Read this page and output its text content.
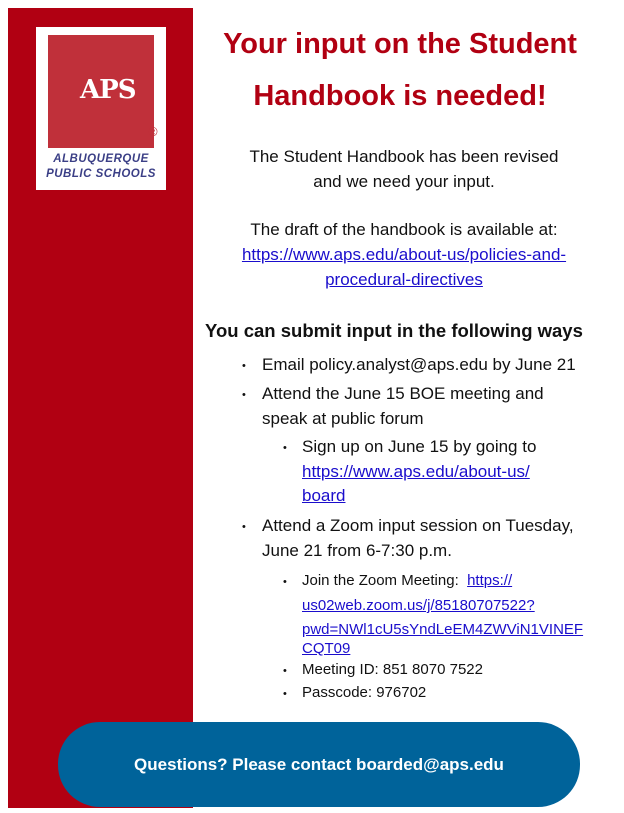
APS
®
ALBUQUERQUE
PUBLIC SCHOOLS
Your input on the Student
Handbook is needed!
The Student Handbook has been revised
and we need your input.
The draft of the handbook is available at:
https://www.aps.edu/about-us/policies-and-
procedural-directives
You can submit input in the following ways
• Email policy.analyst@aps.edu by June 21
• Attend the June 15 BOE meeting and
speak at public forum
• Sign up on June 15 by going to
https://www.aps.edu/about-us/
board
• Attend a Zoom input session on Tuesday,
June 21 from 6-7:30 p.m.
• Join the Zoom Meeting: https://
us02web.zoom.us/j/85180707522?
pwd=NWl1cU5sYndLeEM4ZWViN1VINEF
CQT09
• Meeting ID: 851 8070 7522
• Passcode: 976702
Questions? Please contact boarded@aps.edu
